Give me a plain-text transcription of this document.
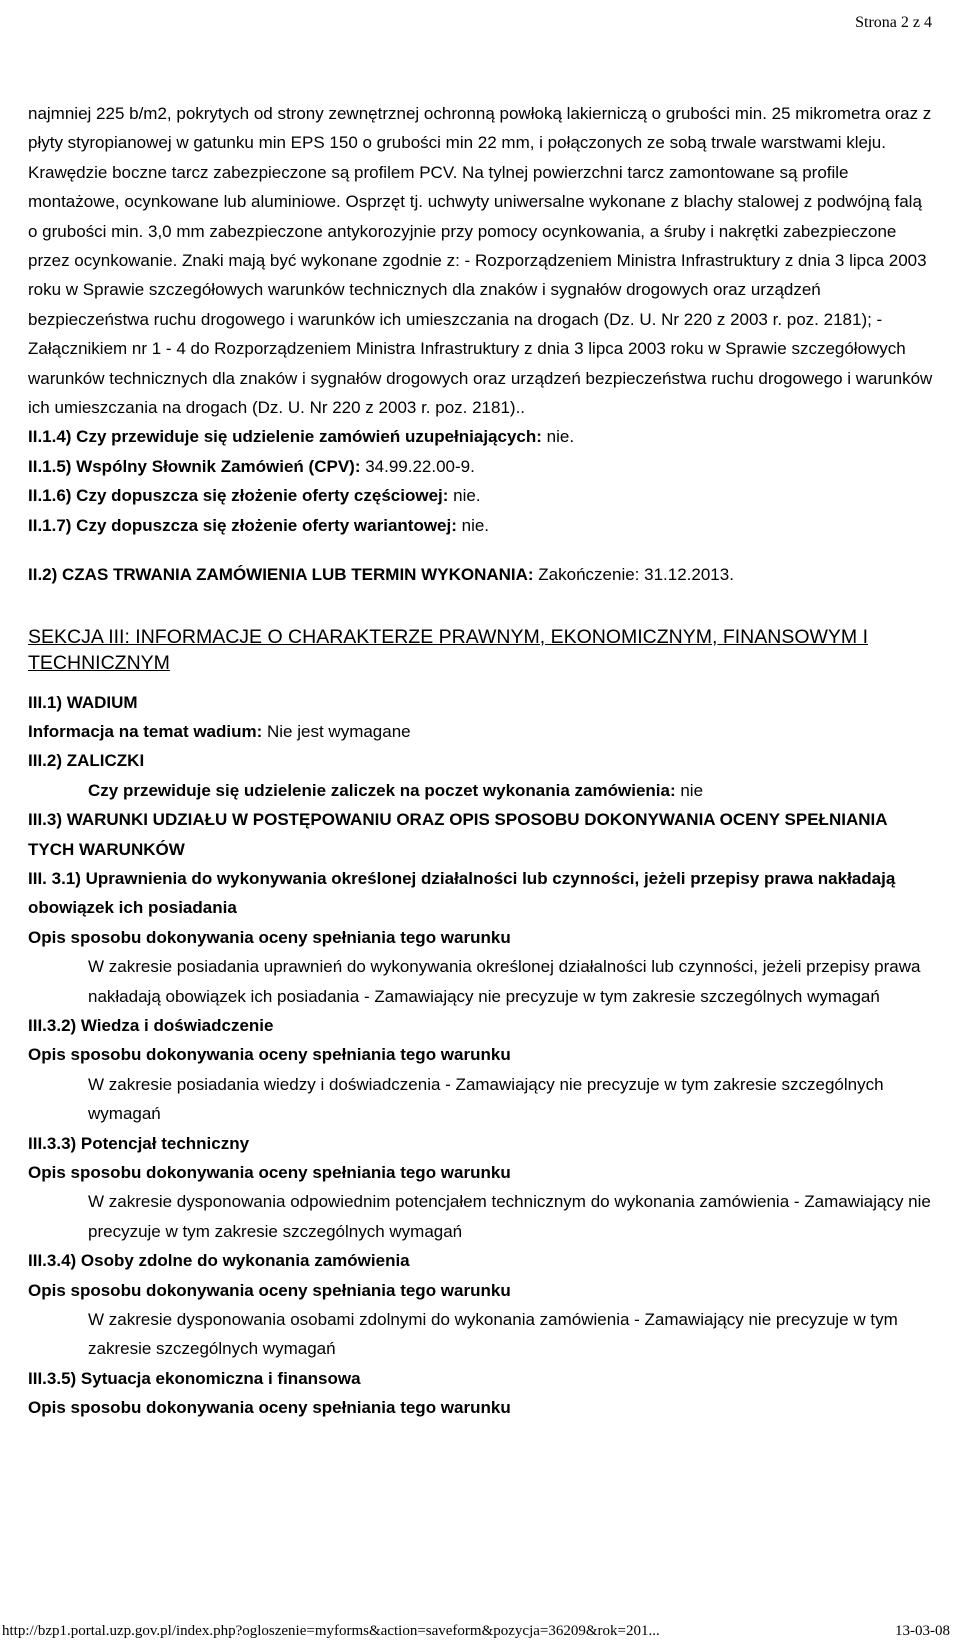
Strona 2 z 4

najmniej 225 b/m2, pokrytych od strony zewnętrznej ochronną powłoką lakierniczą o grubości min. 25 mikrometra oraz z płyty styropianowej w gatunku min EPS 150 o grubości min 22 mm, i połączonych ze sobą trwale warstwami kleju. Krawędzie boczne tarcz zabezpieczone są profilem PCV. Na tylnej powierzchni tarcz zamontowane są profile montażowe, ocynkowane lub aluminiowe. Osprzęt tj. uchwyty uniwersalne wykonane z blachy stalowej z podwójną falą o grubości min. 3,0 mm zabezpieczone antykorozyjnie przy pomocy ocynkowania, a śruby i nakrętki zabezpieczone przez ocynkowanie. Znaki mają być wykonane zgodnie z: - Rozporządzeniem Ministra Infrastruktury z dnia 3 lipca 2003 roku w Sprawie szczegółowych warunków technicznych dla znaków i sygnałów drogowych oraz urządzeń bezpieczeństwa ruchu drogowego i warunków ich umieszczania na drogach (Dz. U. Nr 220 z 2003 r. poz. 2181); - Załącznikiem nr 1 - 4 do Rozporządzeniem Ministra Infrastruktury z dnia 3 lipca 2003 roku w Sprawie szczegółowych warunków technicznych dla znaków i sygnałów drogowych oraz urządzeń bezpieczeństwa ruchu drogowego i warunków ich umieszczania na drogach (Dz. U. Nr 220 z 2003 r. poz. 2181)..

II.1.4) Czy przewiduje się udzielenie zamówień uzupełniających: nie.

II.1.5) Wspólny Słownik Zamówień (CPV): 34.99.22.00-9.

II.1.6) Czy dopuszcza się złożenie oferty częściowej: nie.

II.1.7) Czy dopuszcza się złożenie oferty wariantowej: nie.

II.2) CZAS TRWANIA ZAMÓWIENIA LUB TERMIN WYKONANIA: Zakończenie: 31.12.2013.

SEKCJA III: INFORMACJE O CHARAKTERZE PRAWNYM, EKONOMICZNYM, FINANSOWYM I TECHNICZNYM

III.1) WADIUM

Informacja na temat wadium: Nie jest wymagane

III.2) ZALICZKI

Czy przewiduje się udzielenie zaliczek na poczet wykonania zamówienia: nie

III.3) WARUNKI UDZIAŁU W POSTĘPOWANIU ORAZ OPIS SPOSOBU DOKONYWANIA OCENY SPEŁNIANIA TYCH WARUNKÓW

III. 3.1) Uprawnienia do wykonywania określonej działalności lub czynności, jeżeli przepisy prawa nakładają obowiązek ich posiadania

Opis sposobu dokonywania oceny spełniania tego warunku

W zakresie posiadania uprawnień do wykonywania określonej działalności lub czynności, jeżeli przepisy prawa nakładają obowiązek ich posiadania - Zamawiający nie precyzuje w tym zakresie szczególnych wymagań

III.3.2) Wiedza i doświadczenie

Opis sposobu dokonywania oceny spełniania tego warunku

W zakresie posiadania wiedzy i doświadczenia - Zamawiający nie precyzuje w tym zakresie szczególnych wymagań

III.3.3) Potencjał techniczny

Opis sposobu dokonywania oceny spełniania tego warunku

W zakresie dysponowania odpowiednim potencjałem technicznym do wykonania zamówienia - Zamawiający nie precyzuje w tym zakresie szczególnych wymagań

III.3.4) Osoby zdolne do wykonania zamówienia

Opis sposobu dokonywania oceny spełniania tego warunku

W zakresie dysponowania osobami zdolnymi do wykonania zamówienia - Zamawiający nie precyzuje w tym zakresie szczególnych wymagań

III.3.5) Sytuacja ekonomiczna i finansowa

Opis sposobu dokonywania oceny spełniania tego warunku

http://bzp1.portal.uzp.gov.pl/index.php?ogloszenie=myforms&action=saveform&pozycja=36209&rok=201...	13-03-08
